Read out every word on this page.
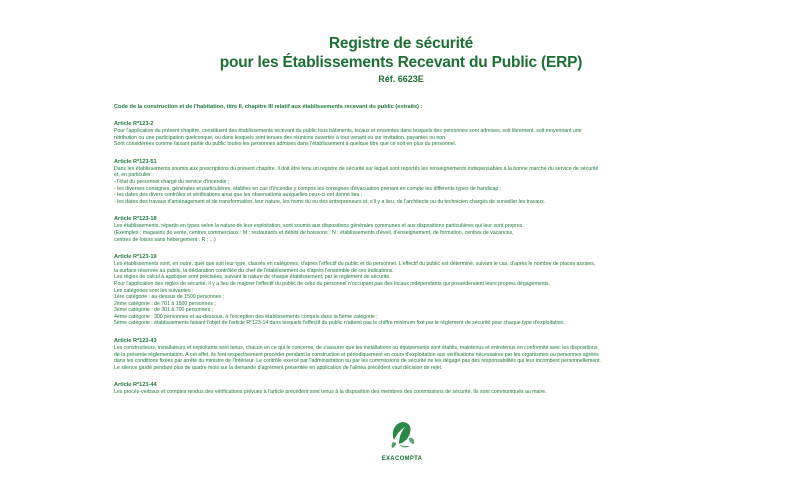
Registre de sécurité
pour les Établissements Recevant du Public (ERP)
Réf. 6623E
Code de la construction et de l'habitation, titre II, chapitre III relatif aux établissements recevant du public (extraits) :
Article R*123-2
Pour l'application du présent chapitre, constituent des établissements recevant du public tous bâtiments, locaux et enceintes dans lesquels des personnes sont admises, soit librement, soit moyennant une
rétribution ou une participation quelconque, ou dans lesquels sont tenues des réunions ouvertes à tout venant ou sur invitation, payantes ou non.
Sont considérées comme faisant partie du public toutes les personnes admises dans l'établissement à quelque titre que ce soit en plus du personnel.
Article R*123-51
Dans les établissements soumis aux prescriptions du présent chapitre, il doit être tenu un registre de sécurité sur lequel sont reportés les renseignements indispensables à la bonne marche du service de sécurité
et, en particulier :
- l'état du personnel chargé du service d'incendie ;
- les diverses consignes, générales et particulières, établies en cas d'incendie y compris les consignes d'évacuation prenant en compte les différents types de handicap ;
- les dates des divers contrôles et vérifications ainsi que les observations auxquelles ceux-ci ont donné lieu ;
- les dates des travaux d'aménagement et de transformation, leur nature, les noms du ou des entrepreneurs et, s'il y a lieu, de l'architecte ou du technicien chargés de surveiller les travaux.
Article R*123-18
Les établissements, répartis en types selon la nature de leur exploitation, sont soumis aux dispositions générales communes et aux dispositions particulières qui leur sont propres.
(Exemples : magasins de vente, centres commerciaux : M ; restaurants et débits de boissons : N ; établissements d'éveil, d'enseignement, de formation, centres de vacances,
centres de loisirs sans hébergement : R ; ...)
Article R*123-19
Les établissements sont, en outre, quel que soit leur type, classés en catégories, d'après l'effectif du public et du personnel. L'effectif du public est déterminé, suivant le cas, d'après le nombre de places assises,
la surface réservée au public, la déclaration contrôlée du chef de l'établissement ou d'après l'ensemble de ces indications.
Les règles de calcul à appliquer sont précisées, suivant la nature de chaque établissement, par le règlement de sécurité.
Pour l'application des règles de sécurité, il y a lieu de majorer l'effectif du public de celui du personnel n'occupant pas des locaux indépendants qui posséderaient leurs propres dégagements.
Les catégories sont les suivantes :
1ère catégorie : au-dessus de 1500 personnes ;
2ème catégorie : de 701 à 1500 personnes ;
3ème catégorie : de 301 à 700 personnes ;
4ème catégorie : 300 personnes et au-dessous, à l'exception des établissements compris dans la 5ème catégorie ;
5ème catégorie : établissements faisant l'objet de l'article R*123-14 dans lesquels l'effectif du public n'atteint pas le chiffre minimum fixé par le règlement de sécurité pour chaque type d'exploitation.
Article R*123-43
Les constructeurs, installateurs et exploitants sont tenus, chacun en ce qui le concerne, de s'assurer que les installations ou équipements sont établis, maintenus et entretenus en conformité avec les dispositions
de la présente réglementation. A cet effet, ils font respectivement procéder pendant la construction et périodiquement en cours d'exploitation aux vérifications nécessaires par les organismes ou personnes agréés
dans les conditions fixées par arrêté du ministre de l'Intérieur. Le contrôle exercé par l'administration ou par les commissions de sécurité ne les dégage pas des responsabilités qui leur incombent personnellement.
Le silence gardé pendant plus de quatre mois sur la demande d'agrément présentée en application de l'alinéa précédent vaut décision de rejet.
Article R*123-44
Les procès-verbaux et comptes rendus des vérifications prévues à l'article précédent sont tenus à la disposition des membres des commissions de sécurité. Ils sont communiqués au maire.
EXACOMPTA
